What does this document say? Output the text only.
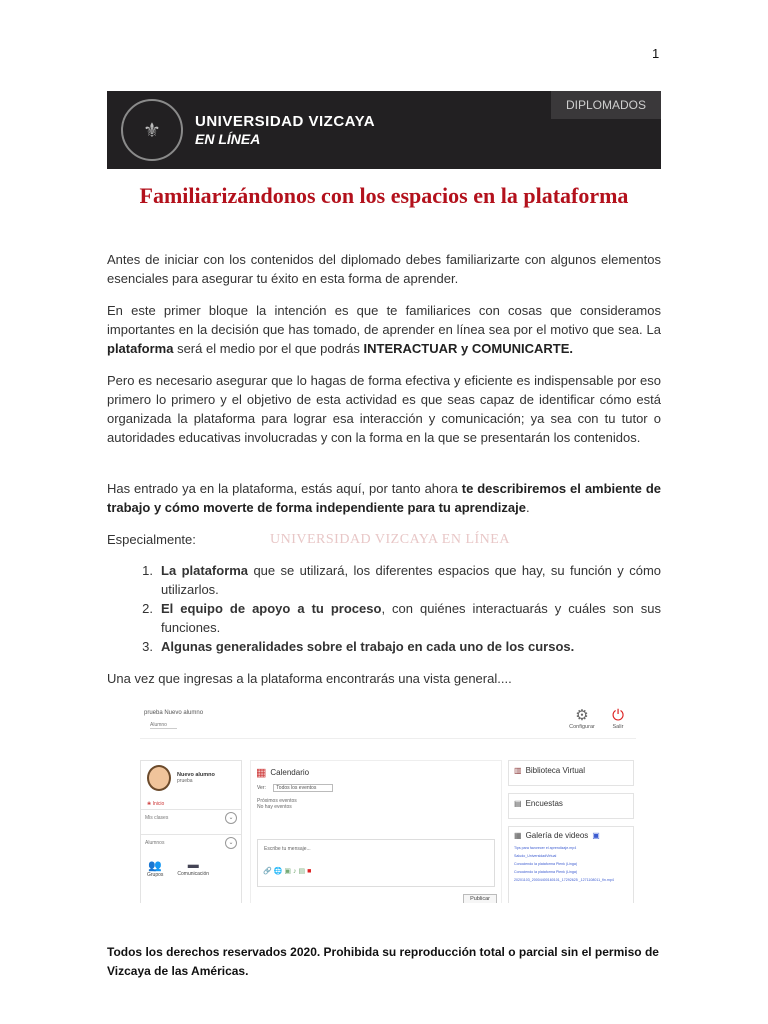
1
⚜	UNIVERSIDAD VIZCAYA
EN LÍNEA
DIPLOMADOS
UNIVERSIDAD VIZCAYA EN LÍNEA
Familiarizándonos con los espacios en la plataforma

Antes de iniciar con los contenidos del diplomado debes familiarizarte con algunos elementos esenciales para asegurar tu éxito en esta forma de aprender.

En este primer bloque la intención es que te familiarices con cosas que consideramos importantes en la decisión que has tomado, de aprender en línea sea por el motivo que sea. La plataforma será el medio por el que podrás INTERACTUAR y COMUNICARTE.

Pero es necesario asegurar que lo hagas de forma efectiva y eficiente es indispensable por eso primero lo primero y el objetivo de esta actividad es que seas capaz de identificar cómo está organizada la plataforma para lograr esa interacción y comunicación; ya sea con tu tutor o autoridades educativas involucradas y con la forma en la que se presentarán los contenidos.

Has entrado ya en la plataforma, estás aquí, por tanto ahora te describiremos el ambiente de trabajo y cómo moverte de forma independiente para tu aprendizaje.

Especialmente:

1. La plataforma que se utilizará, los diferentes espacios que hay, su función y cómo utilizarlos.
2. El equipo de apoyo a tu proceso, con quiénes interactuarás y cuáles son sus funciones.
3. Algunas generalidades sobre el trabajo en cada uno de los cursos.

Una vez que ingresas a la plataforma encontrarás una vista general....

prueba Nuevo alumno
Alumno
⚙
Configurar
⏻
Salir
Nuevo alumno
prueba
❀ Inicio
Mis clases	⌄
Alumnos	⌄
👥
Grupos
▬
Comunicación
▦ Calendario
Ver: Todos los eventos
Próximos eventos
No hay eventos
Escribe tu mensaje...
🔗🌐▣♪▤■
Publicar
▥ Biblioteca Virtual
▤ Encuestas
▦ Galería de videos ▣
Tips para favorecer el aprendizaje.mp4
Saludo_UniversidadVirtual
Conociendo la plataforma Plenk (Linga)
Conociendo la plataforma Plenk (Linga)
20201103_20004400160101_17292625 _1271108011_fin.mp4
Todos los derechos reservados 2020. Prohibida su reproducción total o parcial sin el permiso de Vizcaya de las Américas.
